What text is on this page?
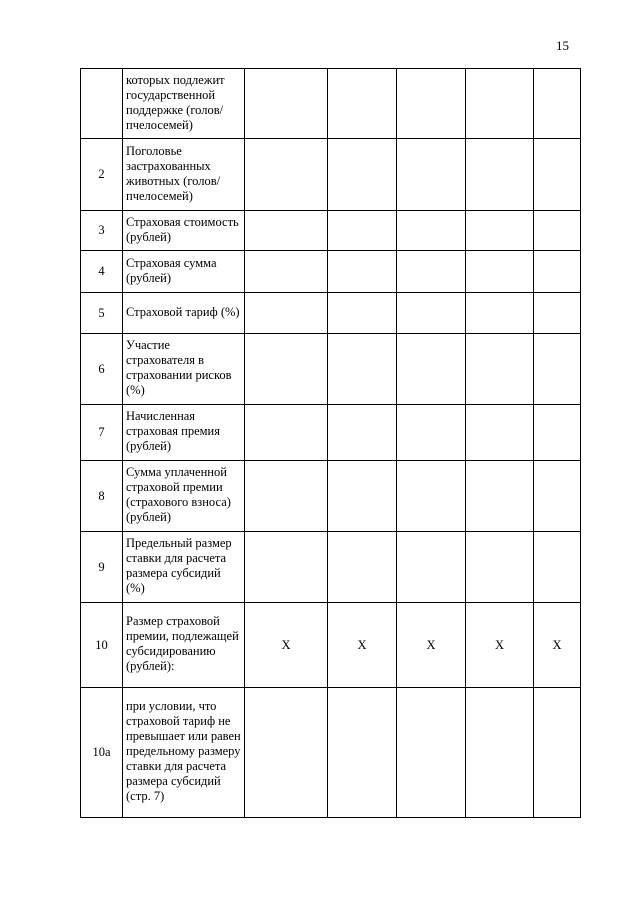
15
	которых подлежит государственной поддержке (голов/пчелосемей)					
2	Поголовье застрахованных животных (голов/пчелосемей)					
3	Страховая стоимость (рублей)					
4	Страховая сумма (рублей)					
5	Страховой тариф (%)					
6	Участие страхователя в страховании рисков (%)					
7	Начисленная страховая премия (рублей)					
8	Сумма уплаченной страховой премии (страхового взноса) (рублей)					
9	Предельный размер ставки для расчета размера субсидий (%)					
10	Размер страховой премии, подлежащей субсидированию (рублей):	Х	Х	Х	Х	Х
10а	при условии, что страховой тариф не превышает или равен предельному размеру ставки для расчета размера субсидий (стр. 7)					
